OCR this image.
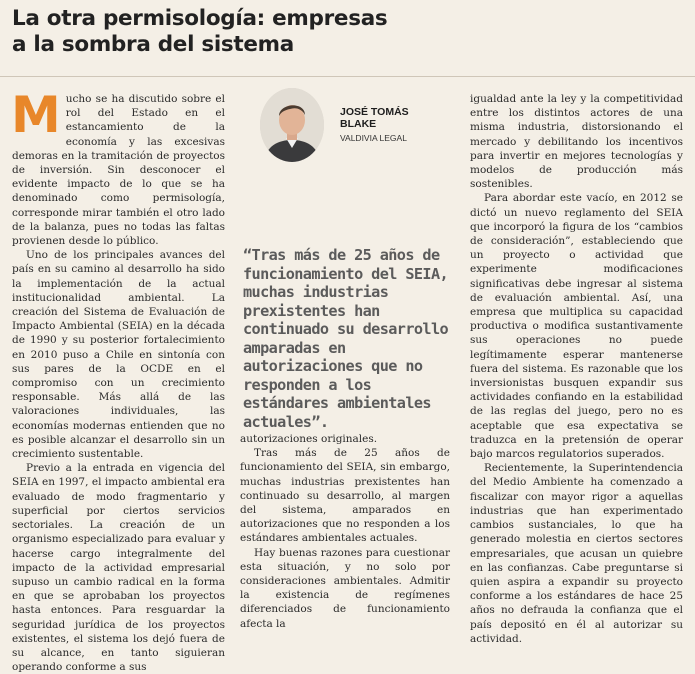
La otra permisología: empresas
a la sombra del sistema

Mucho se ha discutido sobre el rol del Estado en el estancamiento de la economía y las excesivas demoras en la tramitación de proyectos de inversión. Sin desconocer el evidente impacto de lo que se ha denominado como permisología, corresponde mirar también el otro lado de la balanza, pues no todas las faltas provienen desde lo público.

Uno de los principales avances del país en su camino al desarrollo ha sido la implementación de la actual institucionalidad ambiental. La creación del Sistema de Evaluación de Impacto Ambiental (SEIA) en la década de 1990 y su posterior fortalecimiento en 2010 puso a Chile en sintonía con sus pares de la OCDE en el compromiso con un crecimiento responsable. Más allá de las valoraciones individuales, las economías modernas entienden que no es posible alcanzar el desarrollo sin un crecimiento sustentable.

Previo a la entrada en vigencia del SEIA en 1997, el impacto ambiental era evaluado de modo fragmentario y superficial por ciertos servicios sectoriales. La creación de un organismo especializado para evaluar y hacerse cargo integralmente del impacto de la actividad empresarial supuso un cambio radical en la forma en que se aprobaban los proyectos hasta entonces. Para resguardar la seguridad jurídica de los proyectos existentes, el sistema los dejó fuera de su alcance, en tanto siguieran operando conforme a sus

JOSÉ TOMÁS
BLAKE
VALDIVIA LEGAL

“Tras más de 25 años de funcionamiento del SEIA, muchas industrias prexistentes han continuado su desarrollo amparadas en autorizaciones que no responden a los estándares ambientales actuales”.

autorizaciones originales.

Tras más de 25 años de funcionamiento del SEIA, sin embargo, muchas industrias prexistentes han continuado su desarrollo, al margen del sistema, amparados en autorizaciones que no responden a los estándares ambientales actuales.

Hay buenas razones para cuestionar esta situación, y no solo por consideraciones ambientales. Admitir la existencia de regímenes diferenciados de funcionamiento afecta la

igualdad ante la ley y la competitividad entre los distintos actores de una misma industria, distorsionando el mercado y debilitando los incentivos para invertir en mejores tecnologías y modelos de producción más sostenibles.

Para abordar este vacío, en 2012 se dictó un nuevo reglamento del SEIA que incorporó la figura de los “cambios de consideración”, estableciendo que un proyecto o actividad que experimente modificaciones significativas debe ingresar al sistema de evaluación ambiental. Así, una empresa que multiplica su capacidad productiva o modifica sustantivamente sus operaciones no puede legítimamente esperar mantenerse fuera del sistema. Es razonable que los inversionistas busquen expandir sus actividades confiando en la estabilidad de las reglas del juego, pero no es aceptable que esa expectativa se traduzca en la pretensión de operar bajo marcos regulatorios superados.

Recientemente, la Superintendencia del Medio Ambiente ha comenzado a fiscalizar con mayor rigor a aquellas industrias que han experimentado cambios sustanciales, lo que ha generado molestia en ciertos sectores empresariales, que acusan un quiebre en las confianzas. Cabe preguntarse si quien aspira a expandir su proyecto conforme a los estándares de hace 25 años no defrauda la confianza que el país depositó en él al autorizar su actividad.
